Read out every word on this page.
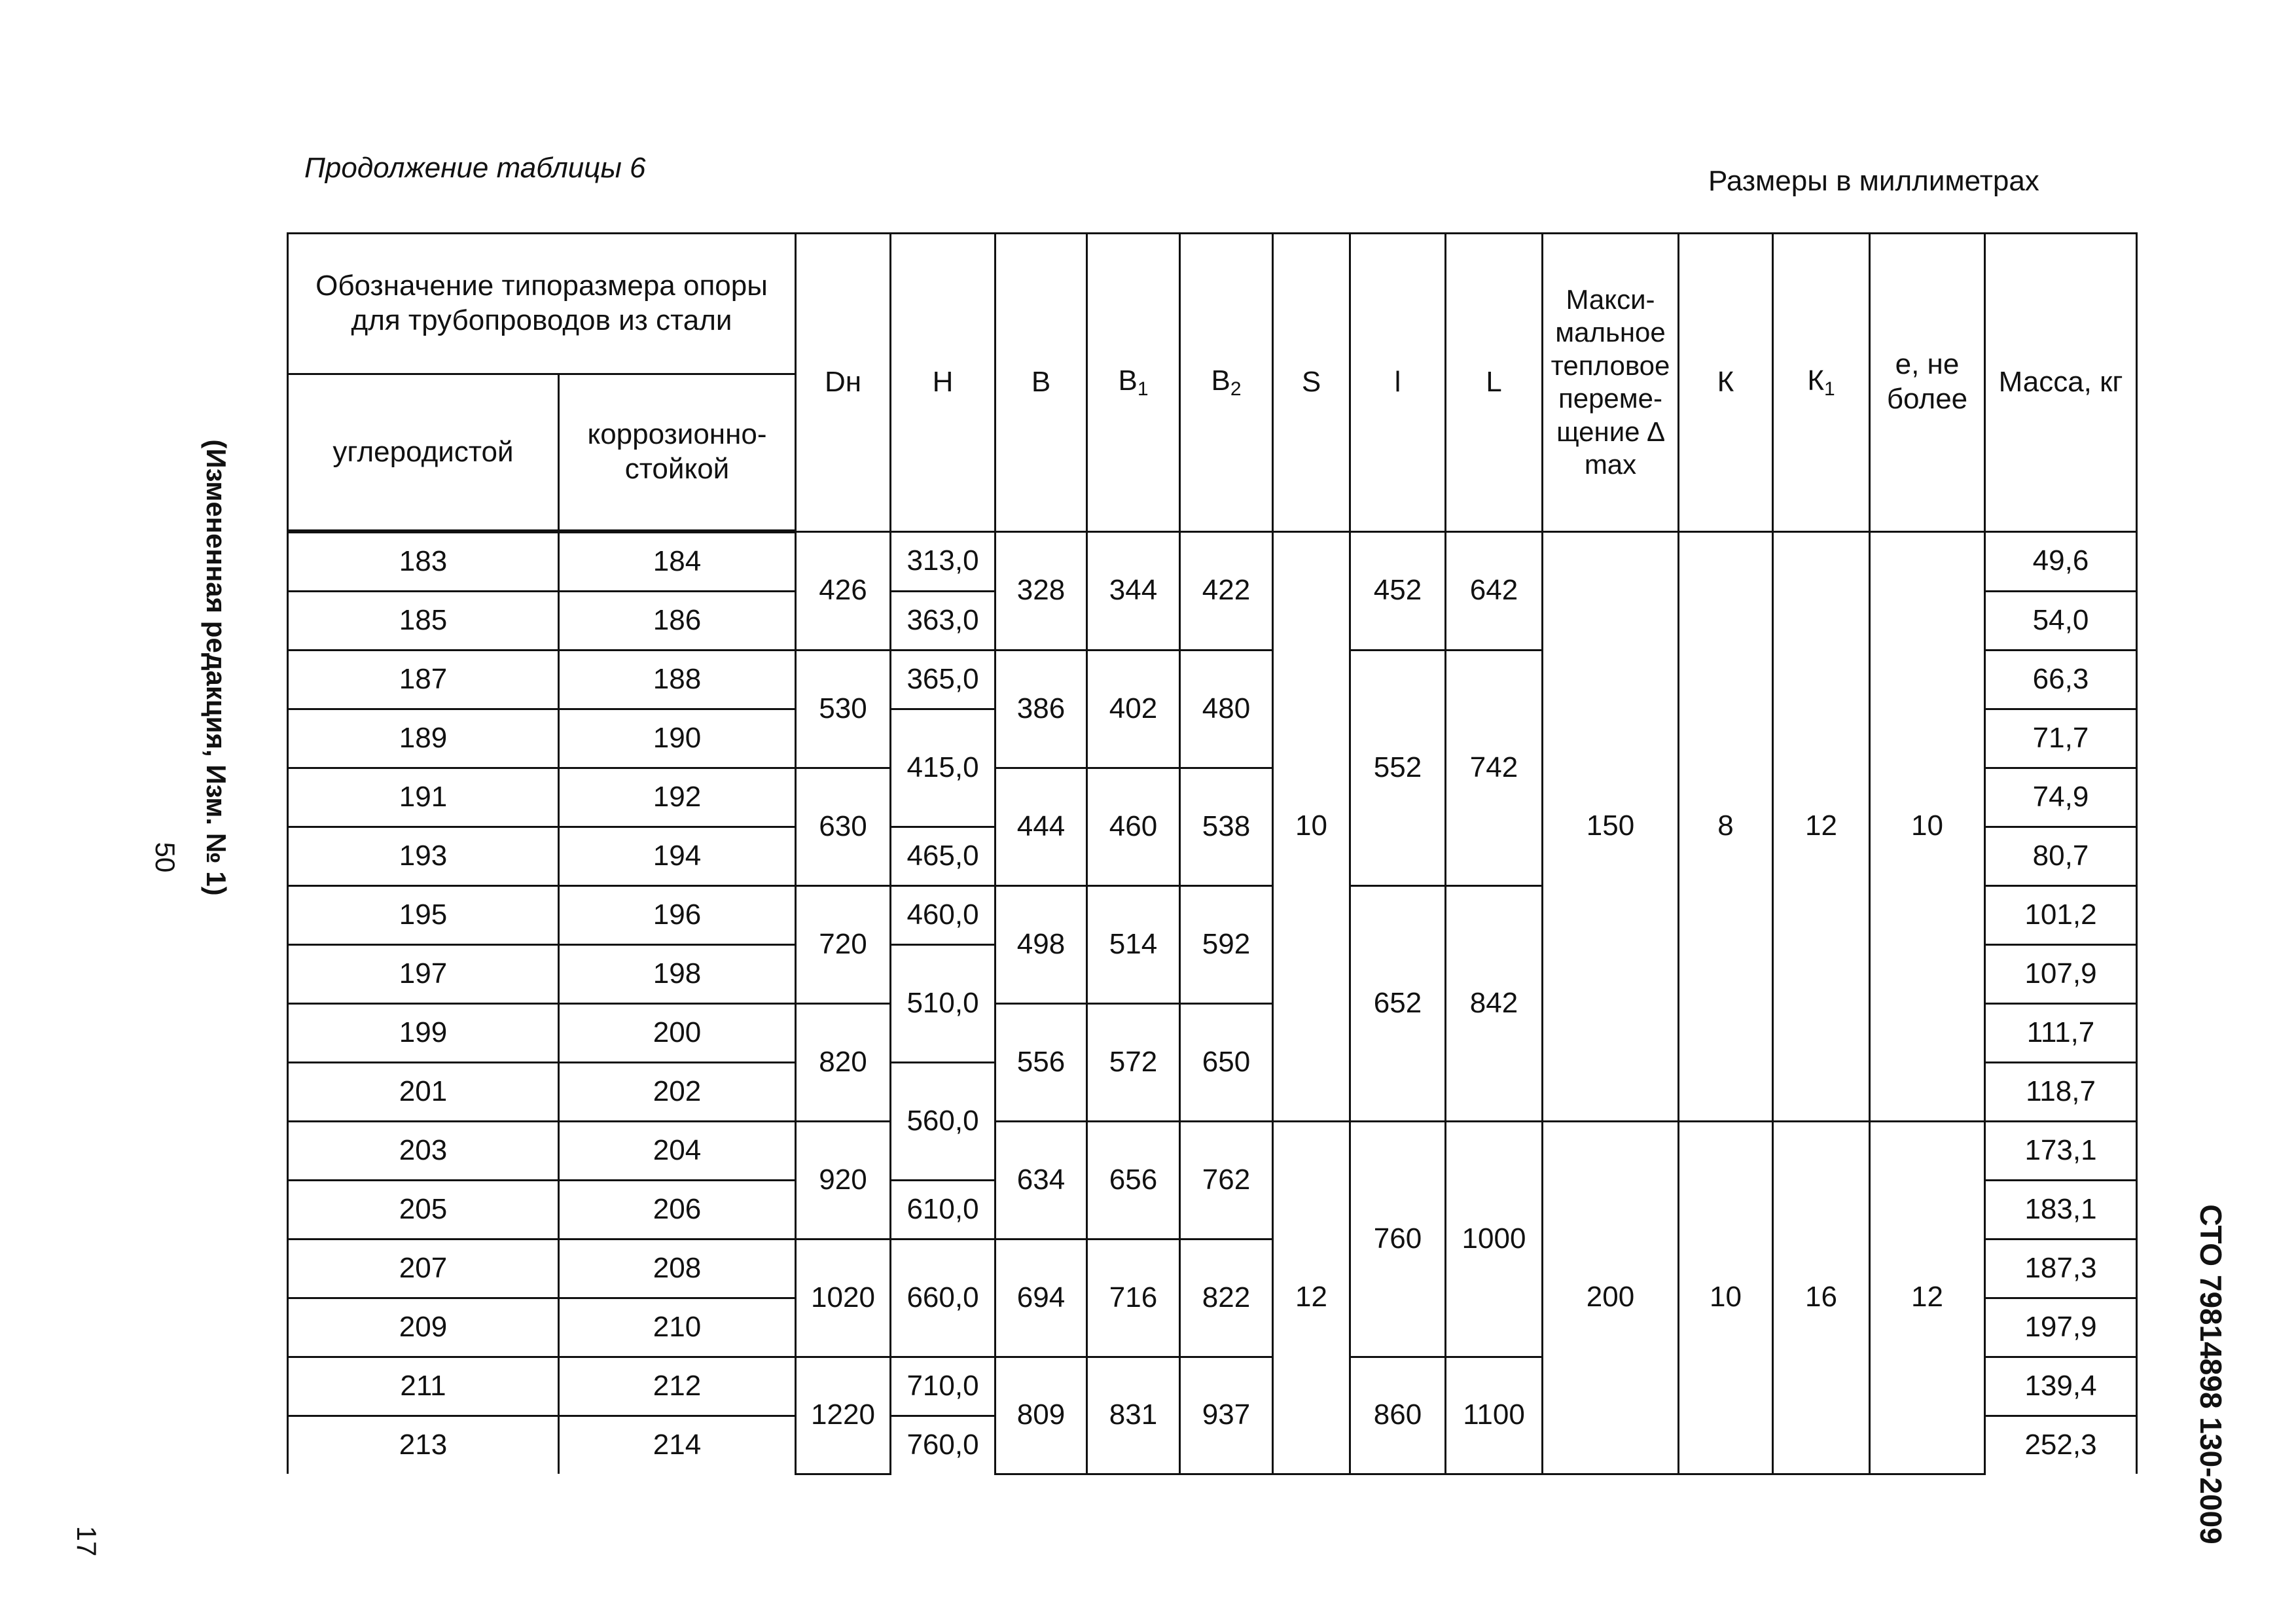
Продолжение таблицы 6	Размеры в миллиметрах
(Измененная редакция, Изм. № 1)
50
17	СТО 79814898 130-2009
Обозначение типоразмера опоры для трубопроводов из стали		Dн	H	B	$B_1$	$B_2$	S	l	L	Макси-мальное тепловое переме-щение ∆ max	К	$К_1$	е, не более	Масса, кг
углеродистой	коррозионно-стойкой													
183	184	426	313,0	328	344	422	10	452	642	150	8	12	10	49,6
185	186		363,0											54,0
187	188	530	365,0	386	402	480		552	742					66,3
189	190		415,0											71,7
191	192	630		444	460	538								74,9
193	194		465,0											80,7
195	196	720	460,0	498	514	592		652	842					101,2
197	198		510,0											107,9
199	200	820		556	572	650								111,7
201	202		560,0											118,7
203	204	920		634	656	762	12	760	1000	200	10	16	12	173,1
205	206		610,0											183,1
207	208	1020	660,0	694	716	822								187,3
209	210													197,9
211	212	1220	710,0	809	831	937		860	1100					139,4
213	214		760,0											252,3
